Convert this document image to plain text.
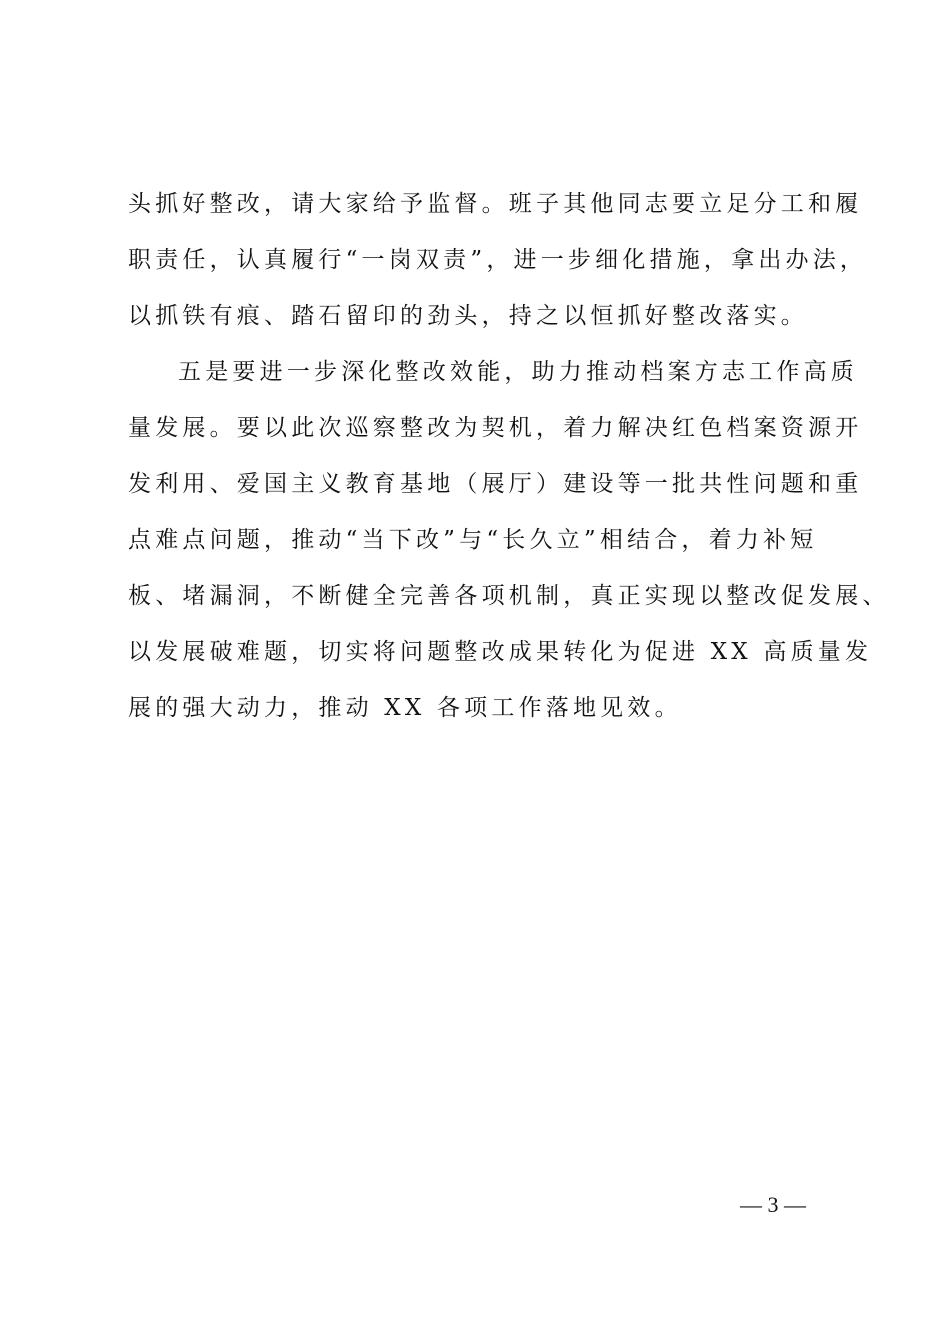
头抓好整改，请大家给予监督。班子其他同志要立足分工和履
职责任，认真履行“一岗双责”，进一步细化措施，拿出办法，
以抓铁有痕、踏石留印的劲头，持之以恒抓好整改落实。
五是要进一步深化整改效能，助力推动档案方志工作高质
量发展。要以此次巡察整改为契机，着力解决红色档案资源开
发利用、爱国主义教育基地（展厅）建设等一批共性问题和重
点难点问题，推动“当下改”与“长久立”相结合，着力补短
板、堵漏洞，不断健全完善各项机制，真正实现以整改促发展、
以发展破难题，切实将问题整改成果转化为促进 XX 高质量发
展的强大动力，推动 XX 各项工作落地见效。
— 3 —
